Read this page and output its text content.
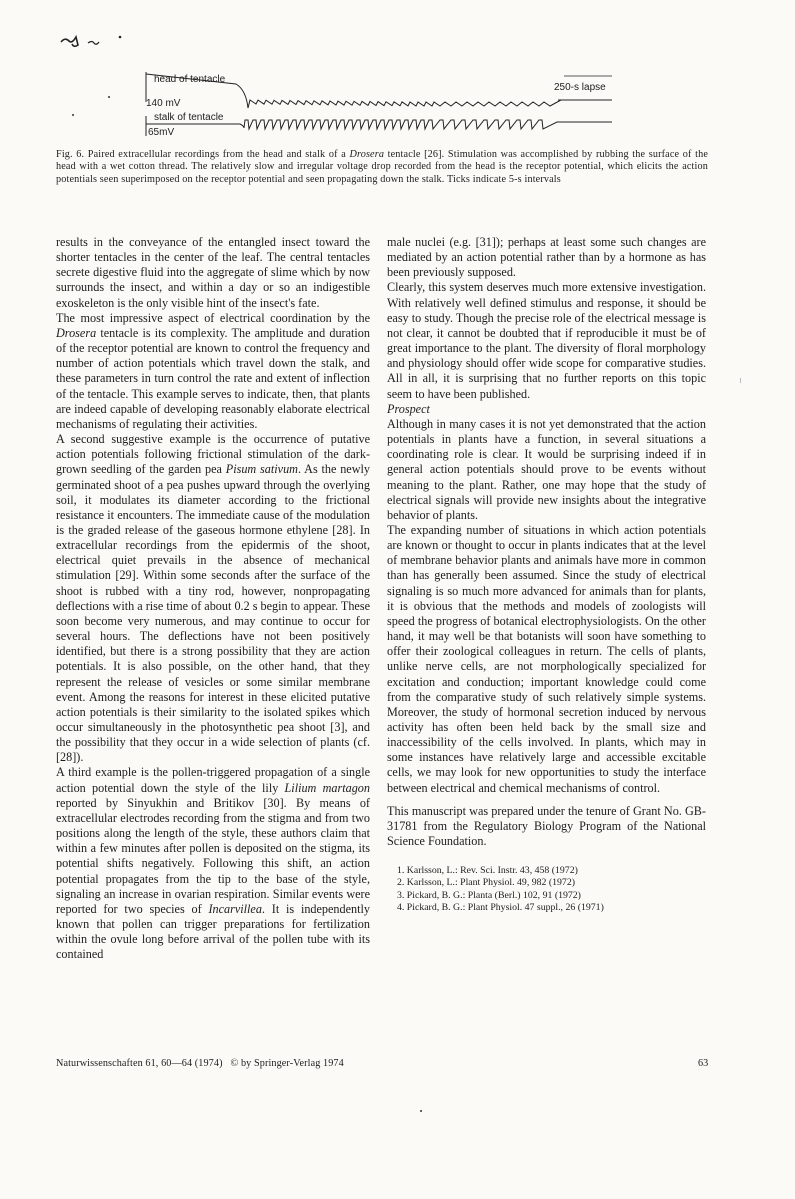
head of tentacle
140 mV
stalk of tentacle
65mV
250-s lapse
Fig. 6. Paired extracellular recordings from the head and stalk of a Drosera tentacle [26]. Stimulation was accomplished by rubbing the surface of the head with a wet cotton thread. The relatively slow and irregular voltage drop recorded from the head is the receptor potential, which elicits the action potentials seen superimposed on the receptor potential and seen propagating down the stalk. Ticks indicate 5-s intervals

results in the conveyance of the entangled insect toward the shorter tentacles in the center of the leaf. The central tentacles secrete digestive fluid into the aggregate of slime which by now surrounds the insect, and within a day or so an indigestible exoskeleton is the only visible hint of the insect's fate.

The most impressive aspect of electrical coordination by the Drosera tentacle is its complexity. The amplitude and duration of the receptor potential are known to control the frequency and number of action potentials which travel down the stalk, and these parameters in turn control the rate and extent of inflection of the tentacle. This example serves to indicate, then, that plants are indeed capable of developing reasonably elaborate electrical mechanisms of regulating their activities.

A second suggestive example is the occurrence of putative action potentials following frictional stimulation of the dark-grown seedling of the garden pea Pisum sativum. As the newly germinated shoot of a pea pushes upward through the overlying soil, it modulates its diameter according to the frictional resistance it encounters. The immediate cause of the modulation is the graded release of the gaseous hormone ethylene [28]. In extracellular recordings from the epidermis of the shoot, electrical quiet prevails in the absence of mechanical stimulation [29]. Within some seconds after the surface of the shoot is rubbed with a tiny rod, however, nonpropagating deflections with a rise time of about 0.2 s begin to appear. These soon become very numerous, and may continue to occur for several hours. The deflections have not been positively identified, but there is a strong possibility that they are action potentials. It is also possible, on the other hand, that they represent the release of vesicles or some similar membrane event. Among the reasons for interest in these elicited putative action potentials is their similarity to the isolated spikes which occur simultaneously in the photosynthetic pea shoot [3], and the possibility that they occur in a wide selection of plants (cf. [28]).

A third example is the pollen-triggered propagation of a single action potential down the style of the lily Lilium martagon reported by Sinyukhin and Britikov [30]. By means of extracellular electrodes recording from the stigma and from two positions along the length of the style, these authors claim that within a few minutes after pollen is deposited on the stigma, its potential shifts negatively. Following this shift, an action potential propagates from the tip to the base of the style, signaling an increase in ovarian respiration. Similar events were reported for two species of Incarvillea. It is independently known that pollen can trigger preparations for fertilization within the ovule long before arrival of the pollen tube with its contained

male nuclei (e.g. [31]); perhaps at least some such changes are mediated by an action potential rather than by a hormone as has been previously supposed.

Clearly, this system deserves much more extensive investigation. With relatively well defined stimulus and response, it should be easy to study. Though the precise role of the electrical message is not clear, it cannot be doubted that if reproducible it must be of great importance to the plant. The diversity of floral morphology and physiology should offer wide scope for comparative studies. All in all, it is surprising that no further reports on this topic seem to have been published.

Prospect

Although in many cases it is not yet demonstrated that the action potentials in plants have a function, in several situations a coordinating role is clear. It would be surprising indeed if in general action potentials should prove to be events without meaning to the plant. Rather, one may hope that the study of electrical signals will provide new insights about the integrative behavior of plants.

The expanding number of situations in which action potentials are known or thought to occur in plants indicates that at the level of membrane behavior plants and animals have more in common than has generally been assumed. Since the study of electrical signaling is so much more advanced for animals than for plants, it is obvious that the methods and models of zoologists will speed the progress of botanical electrophysiologists. On the other hand, it may well be that botanists will soon have something to offer their zoological colleagues in return. The cells of plants, unlike nerve cells, are not morphologically specialized for excitation and conduction; important knowledge could come from the comparative study of such relatively simple systems. Moreover, the study of hormonal secretion induced by nervous activity has often been held back by the small size and inaccessibility of the cells involved. In plants, which may in some instances have relatively large and accessible excitable cells, we may look for new opportunities to study the interface between electrical and chemical mechanisms of control.

This manuscript was prepared under the tenure of Grant No. GB-31781 from the Regulatory Biology Program of the National Science Foundation.

1. Karlsson, L.: Rev. Sci. Instr. 43, 458 (1972)
2. Karlsson, L.: Plant Physiol. 49, 982 (1972)
3. Pickard, B. G.: Planta (Berl.) 102, 91 (1972)
4. Pickard, B. G.: Plant Physiol. 47 suppl., 26 (1971)
Naturwissenschaften 61, 60—64 (1974)   © by Springer-Verlag 1974	63
